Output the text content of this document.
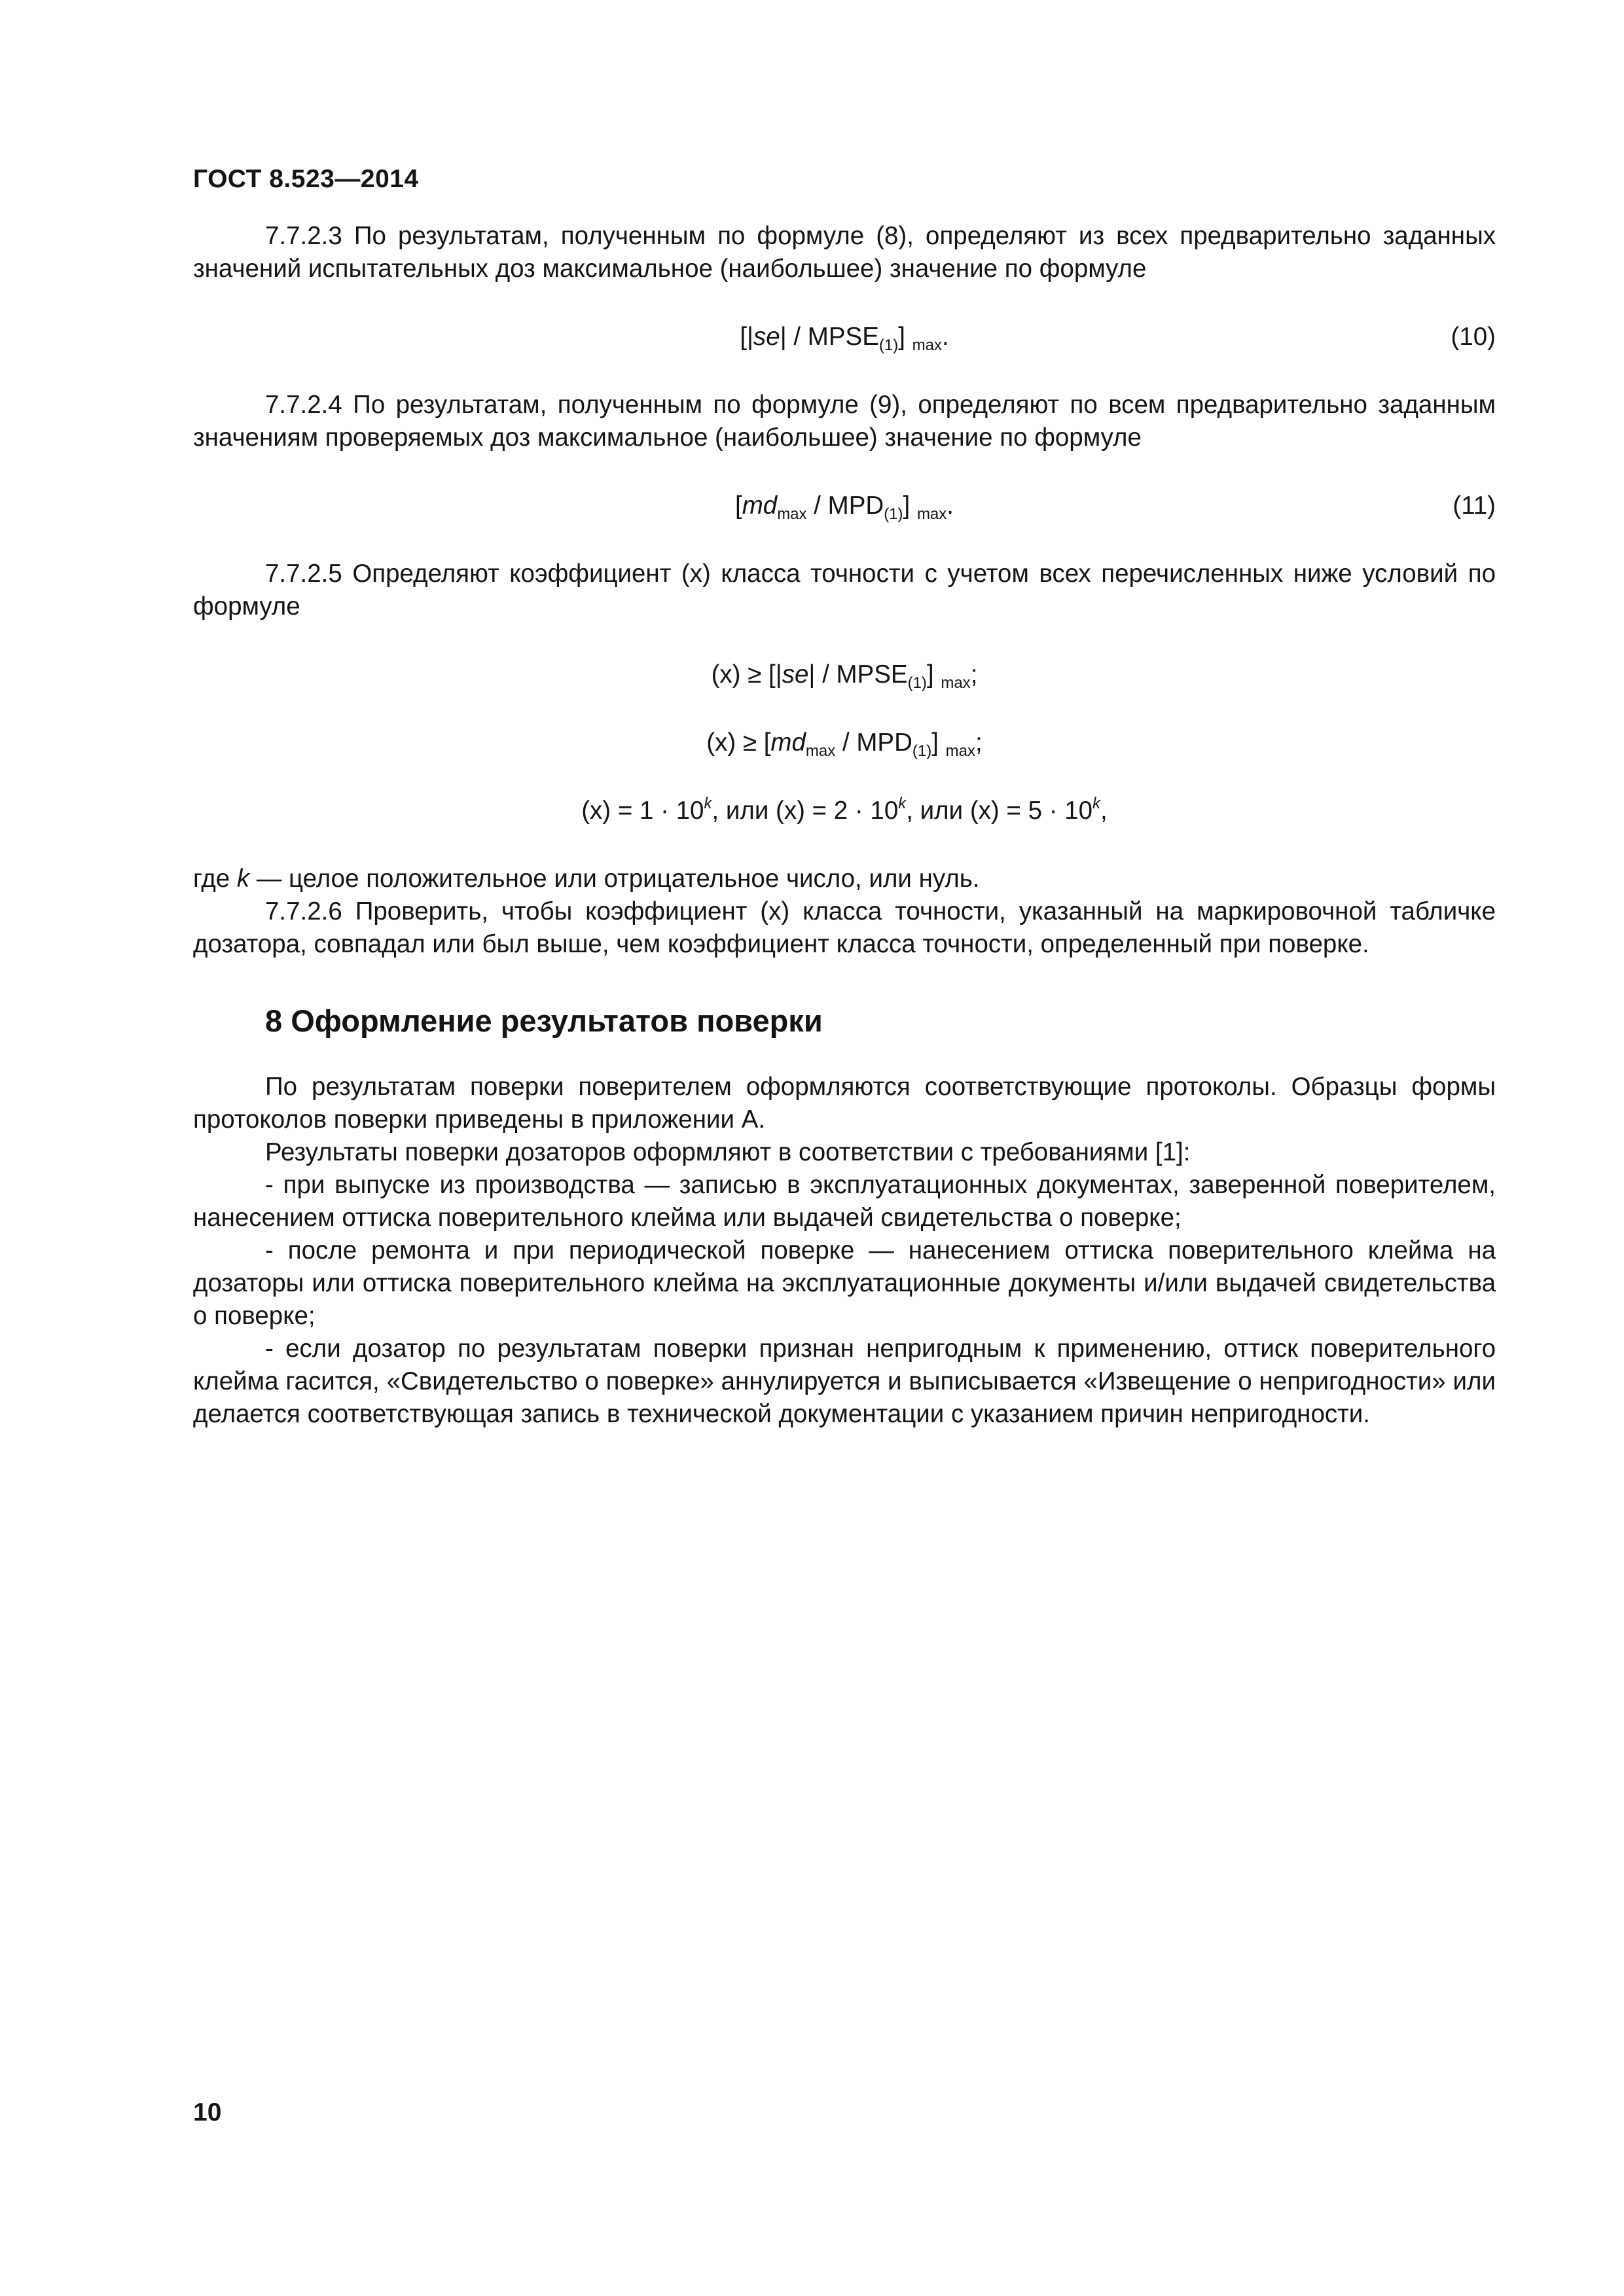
ГОСТ 8.523—2014

7.7.2.3 По результатам, полученным по формуле (8), определяют из всех предварительно заданных значений испытательных доз максимальное (наибольшее) значение по формуле

$[|se| / MPSE_{(1)}]$ $_{max}$.	(10)

7.7.2.4 По результатам, полученным по формуле (9), определяют по всем предварительно заданным значениям проверяемых доз максимальное (наибольшее) значение по формуле

$[md_{max} / MPD_{(1)}]$ $_{max}$.	(11)

7.7.2.5 Определяют коэффициент (х) класса точности с учетом всех перечисленных ниже условий по формуле

$(х) \ge [|se| / MPSE_{(1)}]$ $_{max}$;
$(х) \ge [md_{max} / MPD_{(1)}]$ $_{max}$;
$(х) = 1 \cdot 10^k$, или $(х) = 2 \cdot 10^k$, или $(х) = 5 \cdot 10^k$,

где k — целое положительное или отрицательное число, или нуль.

7.7.2.6 Проверить, чтобы коэффициент (х) класса точности, указанный на маркировочной табличке дозатора, совпадал или был выше, чем коэффициент класса точности, определенный при поверке.

8 Оформление результатов поверки

По результатам поверки поверителем оформляются соответствующие протоколы. Образцы формы протоколов поверки приведены в приложении А.

Результаты поверки дозаторов оформляют в соответствии с требованиями [1]:

- при выпуске из производства — записью в эксплуатационных документах, заверенной поверителем, нанесением оттиска поверительного клейма или выдачей свидетельства о поверке;

- после ремонта и при периодической поверке — нанесением оттиска поверительного клейма на дозаторы или оттиска поверительного клейма на эксплуатационные документы и/или выдачей свидетельства о поверке;

- если дозатор по результатам поверки признан непригодным к применению, оттиск поверительного клейма гасится, «Свидетельство о поверке» аннулируется и выписывается «Извещение о непригодности» или делается соответствующая запись в технической документации с указанием причин непригодности.

10
